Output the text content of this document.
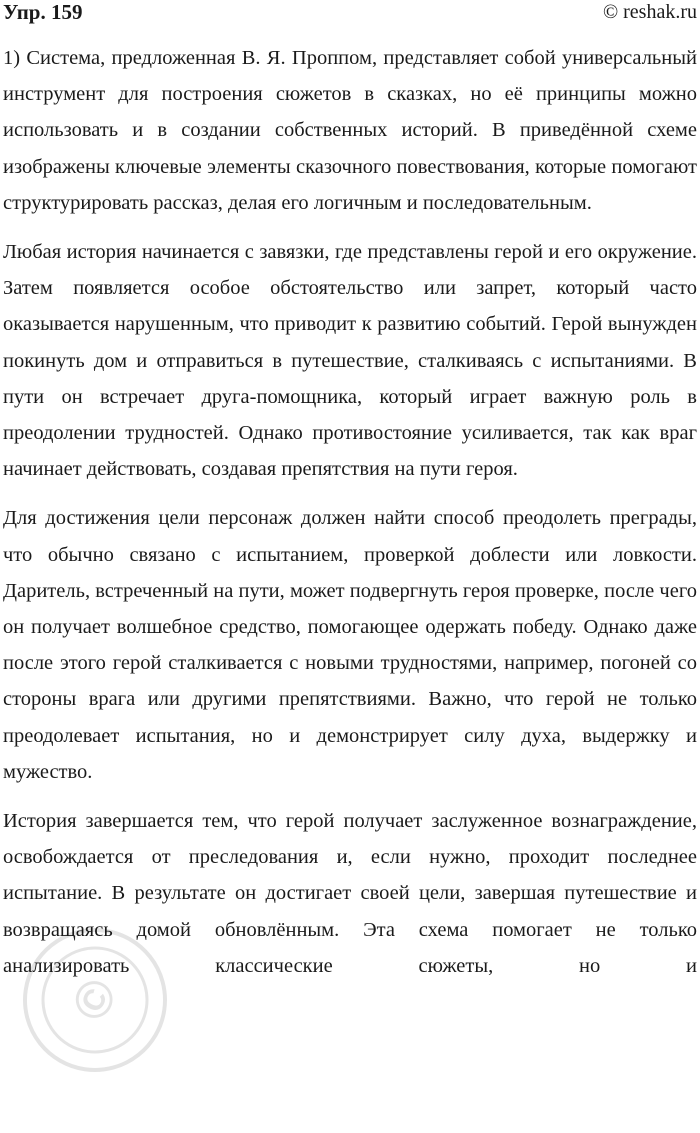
Упр. 159	© reshak.ru

1) Система, предложенная В. Я. Проппом, представляет собой универсальный инструмент для построения сюжетов в сказках, но её принципы можно использовать и в создании собственных историй. В приведённой схеме изображены ключевые элементы сказочного повествования, которые помогают структурировать рассказ, делая его логичным и последовательным.

Любая история начинается с завязки, где представлены герой и его окружение. Затем появляется особое обстоятельство или запрет, который часто оказывается нарушенным, что приводит к развитию событий. Герой вынужден покинуть дом и отправиться в путешествие, сталкиваясь с испытаниями. В пути он встречает друга-помощника, который играет важную роль в преодолении трудностей. Однако противостояние усиливается, так как враг начинает действовать, создавая препятствия на пути героя.

Для достижения цели персонаж должен найти способ преодолеть преграды, что обычно связано с испытанием, проверкой доблести или ловкости. Даритель, встреченный на пути, может подвергнуть героя проверке, после чего он получает волшебное средство, помогающее одержать победу. Однако даже после этого герой сталкивается с новыми трудностями, например, погоней со стороны врага или другими препятствиями. Важно, что герой не только преодолевает испытания, но и демонстрирует силу духа, выдержку и мужество.

История завершается тем, что герой получает заслуженное вознаграждение, освобождается от преследования и, если нужно, проходит последнее испытание. В результате он достигает своей цели, завершая путешествие и возвращаясь домой обновлённым. Эта схема помогает не только анализировать классические сюжеты, но и

©
